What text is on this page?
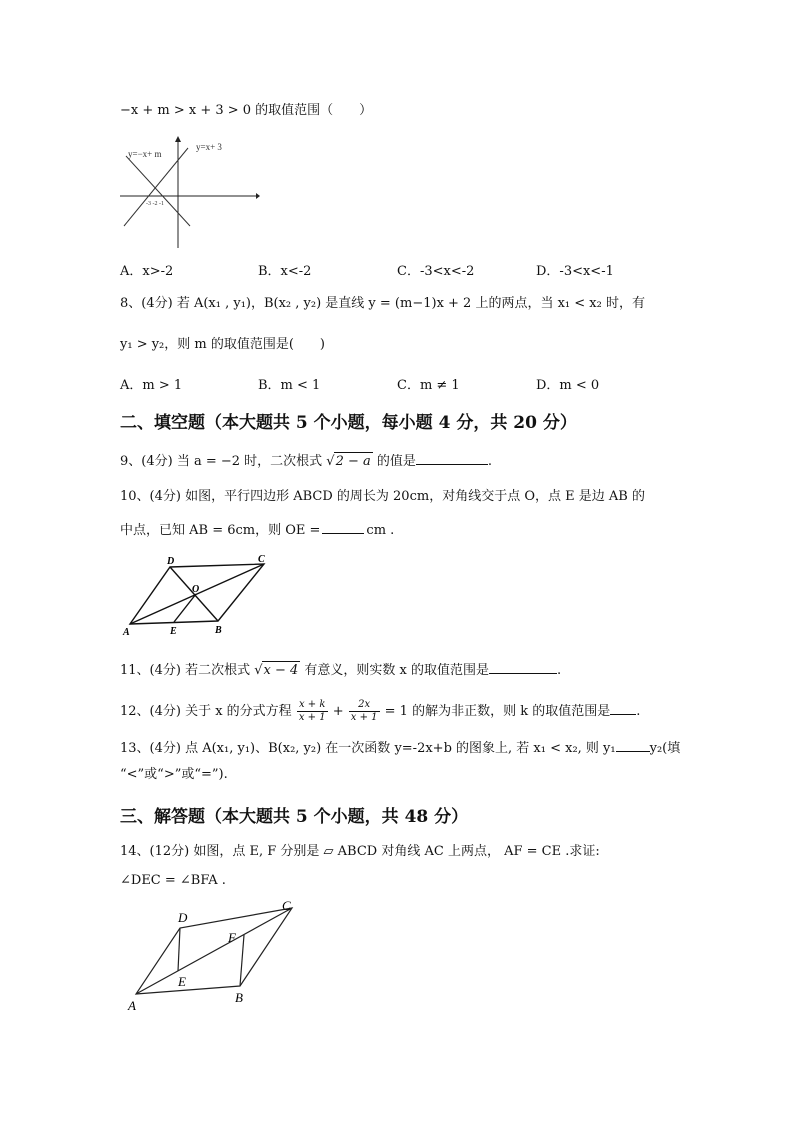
−x + m > x + 3 > 0 的取值范围（　　）
y=−x+ m
y=x+ 3
-3 -2 -1
A．x>-2	B．x<-2	C．-3<x<-2	D．-3<x<-1
8、(4分) 若 A(x₁ , y₁)，B(x₂ , y₂) 是直线 y = (m−1)x + 2 上的两点，当 x₁ < x₂ 时，有
y₁ > y₂，则 m 的取值范围是(　　)
A．m > 1	B．m < 1	C．m ≠ 1	D．m < 0
二、填空题（本大题共 5 个小题，每小题 4 分，共 20 分）
9、(4分) 当 a = −2 时，二次根式 √2 − a 的值是	.
10、(4分) 如图，平行四边形 ABCD 的周长为 20cm，对角线交于点 O，点 E 是边 AB 的
中点，已知 AB = 6cm，则 OE =	cm .
D	C
O
A	E	B
11、(4分) 若二次根式 √x − 4 有意义，则实数 x 的取值范围是	.
12、(4分) 关于 x 的分式方程 $\frac{x + k}{x + 1} + \frac{2x}{x + 1} = 1$ 的解为非正数，则 k 的取值范围是 .
13、(4分) 点 A(x₁, y₁)、B(x₂, y₂) 在一次函数 y=-2x+b 的图象上, 若 x₁ < x₂, 则 y₁	y₂(填
“<”或“>”或“=”).
三、解答题（本大题共 5 个小题，共 48 分）
14、(12分) 如图，点 E, F 分别是 ▱ ABCD 对角线 AC 上两点， AF = CE .求证:
∠DEC = ∠BFA .
D
C
F
E
A
B
